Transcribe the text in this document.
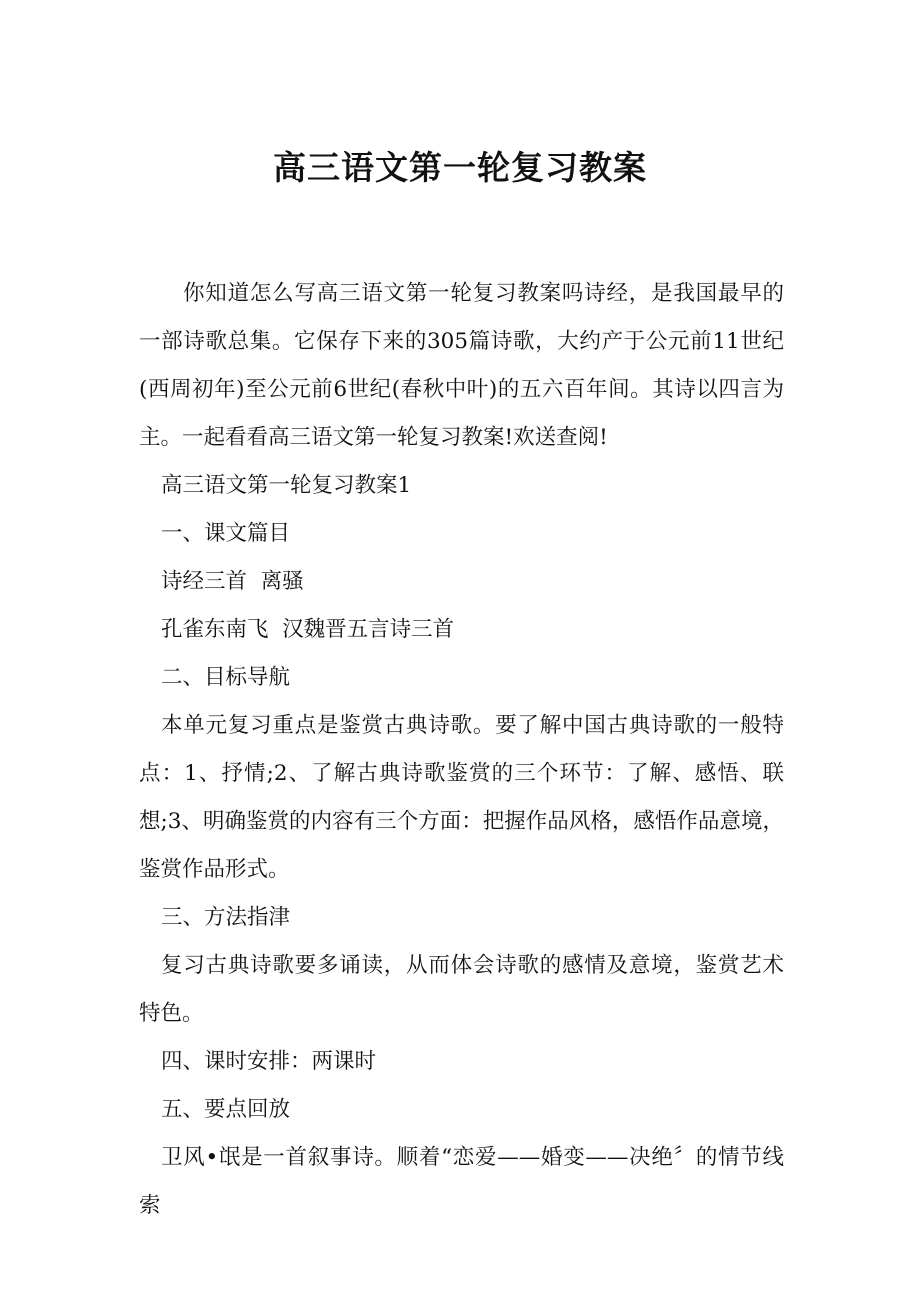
高三语文第一轮复习教案

你知道怎么写高三语文第一轮复习教案吗诗经，是我国最早的一部诗歌总集。它保存下来的305篇诗歌，大约产于公元前11世纪(西周初年)至公元前6世纪(春秋中叶)的五六百年间。其诗以四言为主。一起看看高三语文第一轮复习教案!欢送查阅!

高三语文第一轮复习教案1

一、课文篇目

诗经三首  离骚

孔雀东南飞  汉魏晋五言诗三首

二、目标导航

本单元复习重点是鉴赏古典诗歌。要了解中国古典诗歌的一般特点：1、抒情;2、了解古典诗歌鉴赏的三个环节：了解、感悟、联想;3、明确鉴赏的内容有三个方面：把握作品风格，感悟作品意境，鉴赏作品形式。

三、方法指津

复习古典诗歌要多诵读，从而体会诗歌的感情及意境，鉴赏艺术特色。

四、课时安排：两课时

五、要点回放

卫风•氓是一首叙事诗。顺着“恋爱——婚变——决绝〞的情节线索
